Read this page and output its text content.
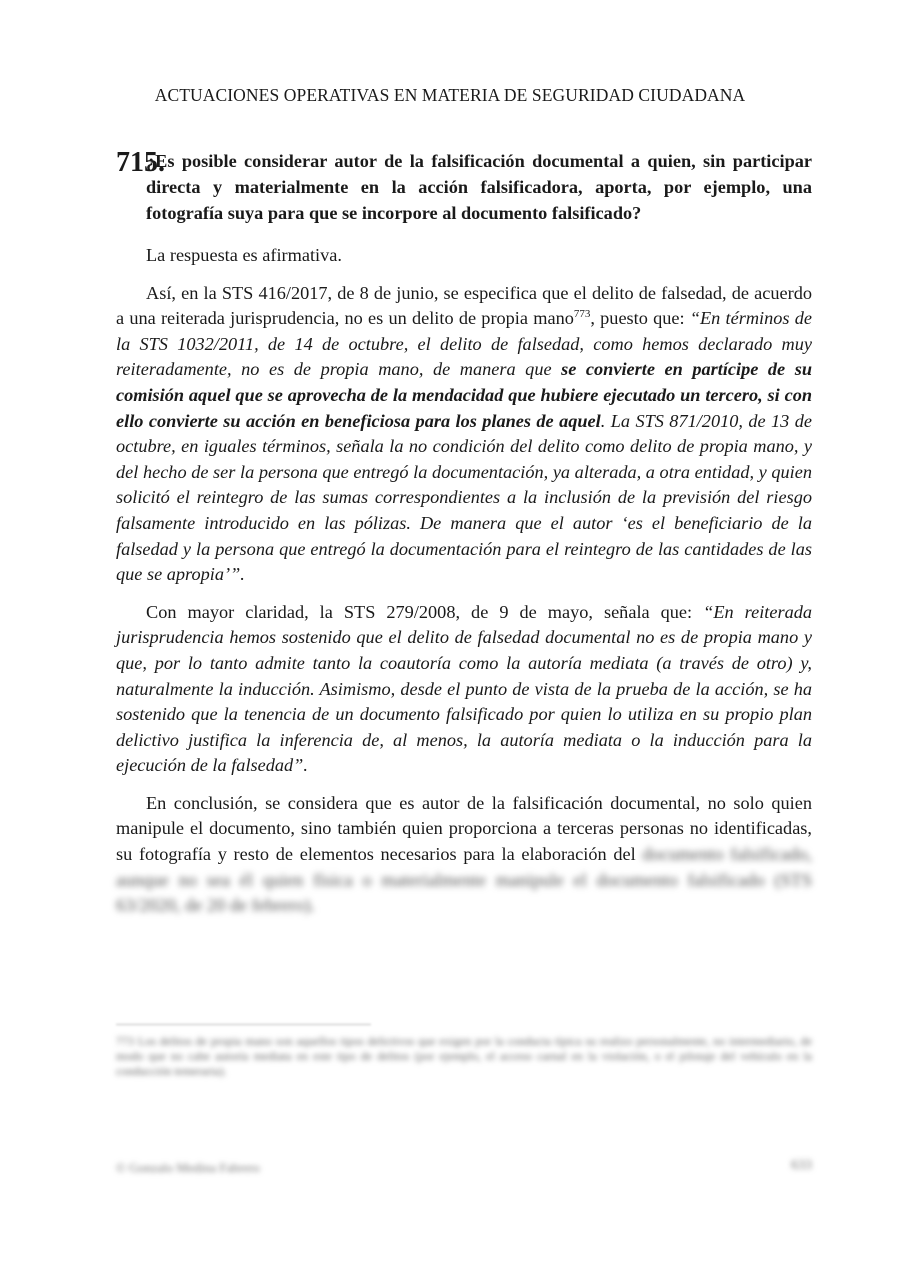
ACTUACIONES OPERATIVAS EN MATERIA DE SEGURIDAD CIUDADANA
715.
¿Es posible considerar autor de la falsificación documental a quien, sin participar directa y materialmente en la acción falsificadora, aporta, por ejemplo, una fotografía suya para que se incorpore al documento falsificado?

La respuesta es afirmativa.

Así, en la STS 416/2017, de 8 de junio, se especifica que el delito de falsedad, de acuerdo a una reiterada jurisprudencia, no es un delito de propia mano$^{773}$, puesto que: “En términos de la STS 1032/2011, de 14 de octubre, el delito de falsedad, como hemos declarado muy reiteradamente, no es de propia mano, de manera que se convierte en partícipe de su comisión aquel que se aprovecha de la mendacidad que hubiere ejecutado un tercero, si con ello convierte su acción en beneficiosa para los planes de aquel. La STS 871/2010, de 13 de octubre, en iguales términos, señala la no condición del delito como delito de propia mano, y del hecho de ser la persona que entregó la documentación, ya alterada, a otra entidad, y quien solicitó el reintegro de las sumas correspondientes a la inclusión de la previsión del riesgo falsamente introducido en las pólizas. De manera que el autor ‘es el beneficiario de la falsedad y la persona que entregó la documentación para el reintegro de las cantidades de las que se apropia’”.

Con mayor claridad, la STS 279/2008, de 9 de mayo, señala que: “En reiterada jurisprudencia hemos sostenido que el delito de falsedad documental no es de propia mano y que, por lo tanto admite tanto la coautoría como la autoría mediata (a través de otro) y, naturalmente la inducción. Asimismo, desde el punto de vista de la prueba de la acción, se ha sostenido que la tenencia de un documento falsificado por quien lo utiliza en su propio plan delictivo justifica la inferencia de, al menos, la autoría mediata o la inducción para la ejecución de la falsedad”.

En conclusión, se considera que es autor de la falsificación documental, no solo quien manipule el documento, sino también quien proporciona a terceras personas no identificadas, su fotografía y resto de elementos necesarios para la elaboración del documento falsificado, aunque no sea él quien física o materialmente manipule el documento falsificado (STS 63/2020, de 20 de febrero).

773 Los delitos de propia mano son aquellos tipos delictivos que exigen por la conducta típica su realizo personalmente, no intermediario, de modo que no cabe autoría mediata en este tipo de delitos (por ejemplo, el acceso carnal en la violación, o el pilotaje del vehículo en la conducción temeraria).
© Gonzalo Medina Fabrero	633
